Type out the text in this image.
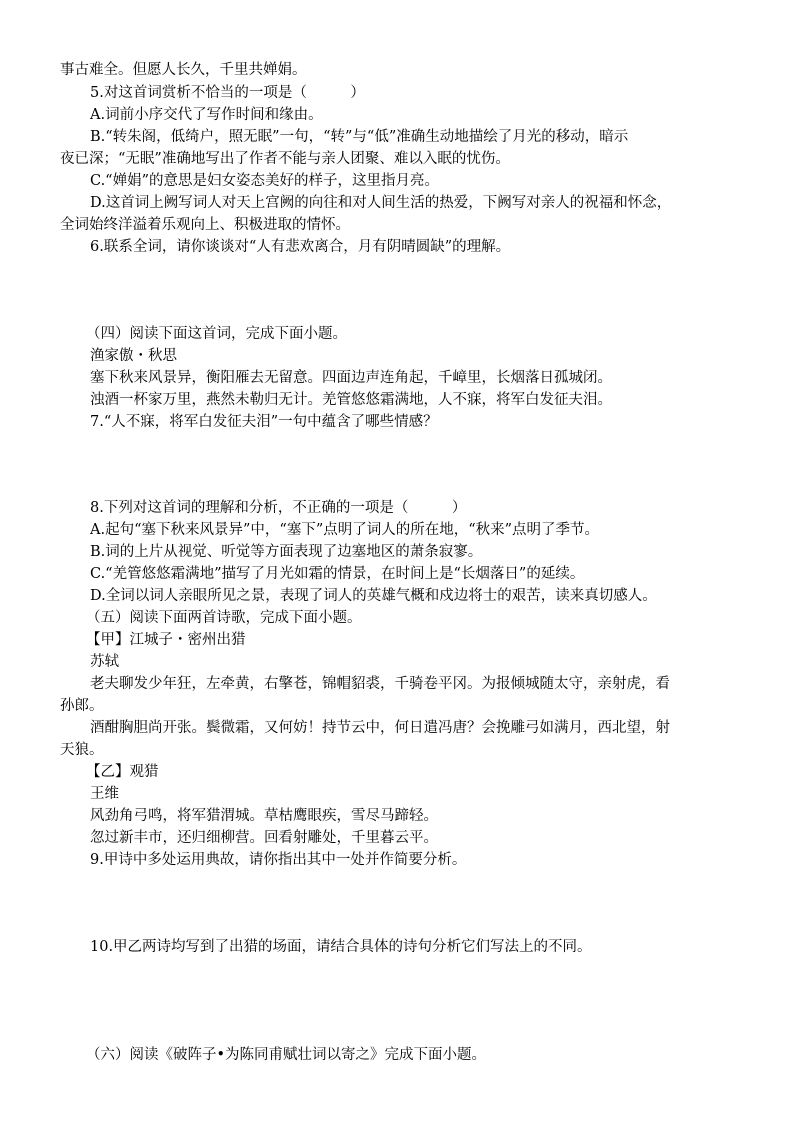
事古难全。但愿人长久，千里共婵娟。
5.对这首词赏析不恰当的一项是（　　　）
A.词前小序交代了写作时间和缘由。
B.“转朱阁，低绮户，照无眠”一句，“转”与“低”准确生动地描绘了月光的移动，暗示
夜已深；“无眠”准确地写出了作者不能与亲人团聚、难以入眠的忧伤。
C.“婵娟”的意思是妇女姿态美好的样子，这里指月亮。
D.这首词上阙写词人对天上宫阙的向往和对人间生活的热爱，下阙写对亲人的祝福和怀念，
全词始终洋溢着乐观向上、积极进取的情怀。
6.联系全词，请你谈谈对“人有悲欢离合，月有阴晴圆缺”的理解。
（四）阅读下面这首词，完成下面小题。
渔家傲・秋思
塞下秋来风景异，衡阳雁去无留意。四面边声连角起，千嶂里，长烟落日孤城闭。
浊酒一杯家万里，燕然未勒归无计。羌管悠悠霜满地，人不寐，将军白发征夫泪。
7.“人不寐，将军白发征夫泪”一句中蕴含了哪些情感？
8.下列对这首词的理解和分析，不正确的一项是（　　　）
A.起句“塞下秋来风景异”中，“塞下”点明了词人的所在地，“秋来”点明了季节。
B.词的上片从视觉、听觉等方面表现了边塞地区的萧条寂寥。
C.“羌管悠悠霜满地”描写了月光如霜的情景，在时间上是“长烟落日”的延续。
D.全词以词人亲眼所见之景，表现了词人的英雄气概和戍边将士的艰苦，读来真切感人。
（五）阅读下面两首诗歌，完成下面小题。
【甲】江城子・密州出猎
苏轼
老夫聊发少年狂，左牵黄，右擎苍，锦帽貂裘，千骑卷平冈。为报倾城随太守，亲射虎，看
孙郎。
酒酣胸胆尚开张。鬓微霜，又何妨！持节云中，何日遣冯唐？会挽雕弓如满月，西北望，射
天狼。
【乙】观猎
王维
风劲角弓鸣，将军猎渭城。草枯鹰眼疾，雪尽马蹄轻。
忽过新丰市，还归细柳营。回看射雕处，千里暮云平。
9.甲诗中多处运用典故，请你指出其中一处并作简要分析。
10.甲乙两诗均写到了出猎的场面，请结合具体的诗句分析它们写法上的不同。
（六）阅读《破阵子•为陈同甫赋壮词以寄之》完成下面小题。
